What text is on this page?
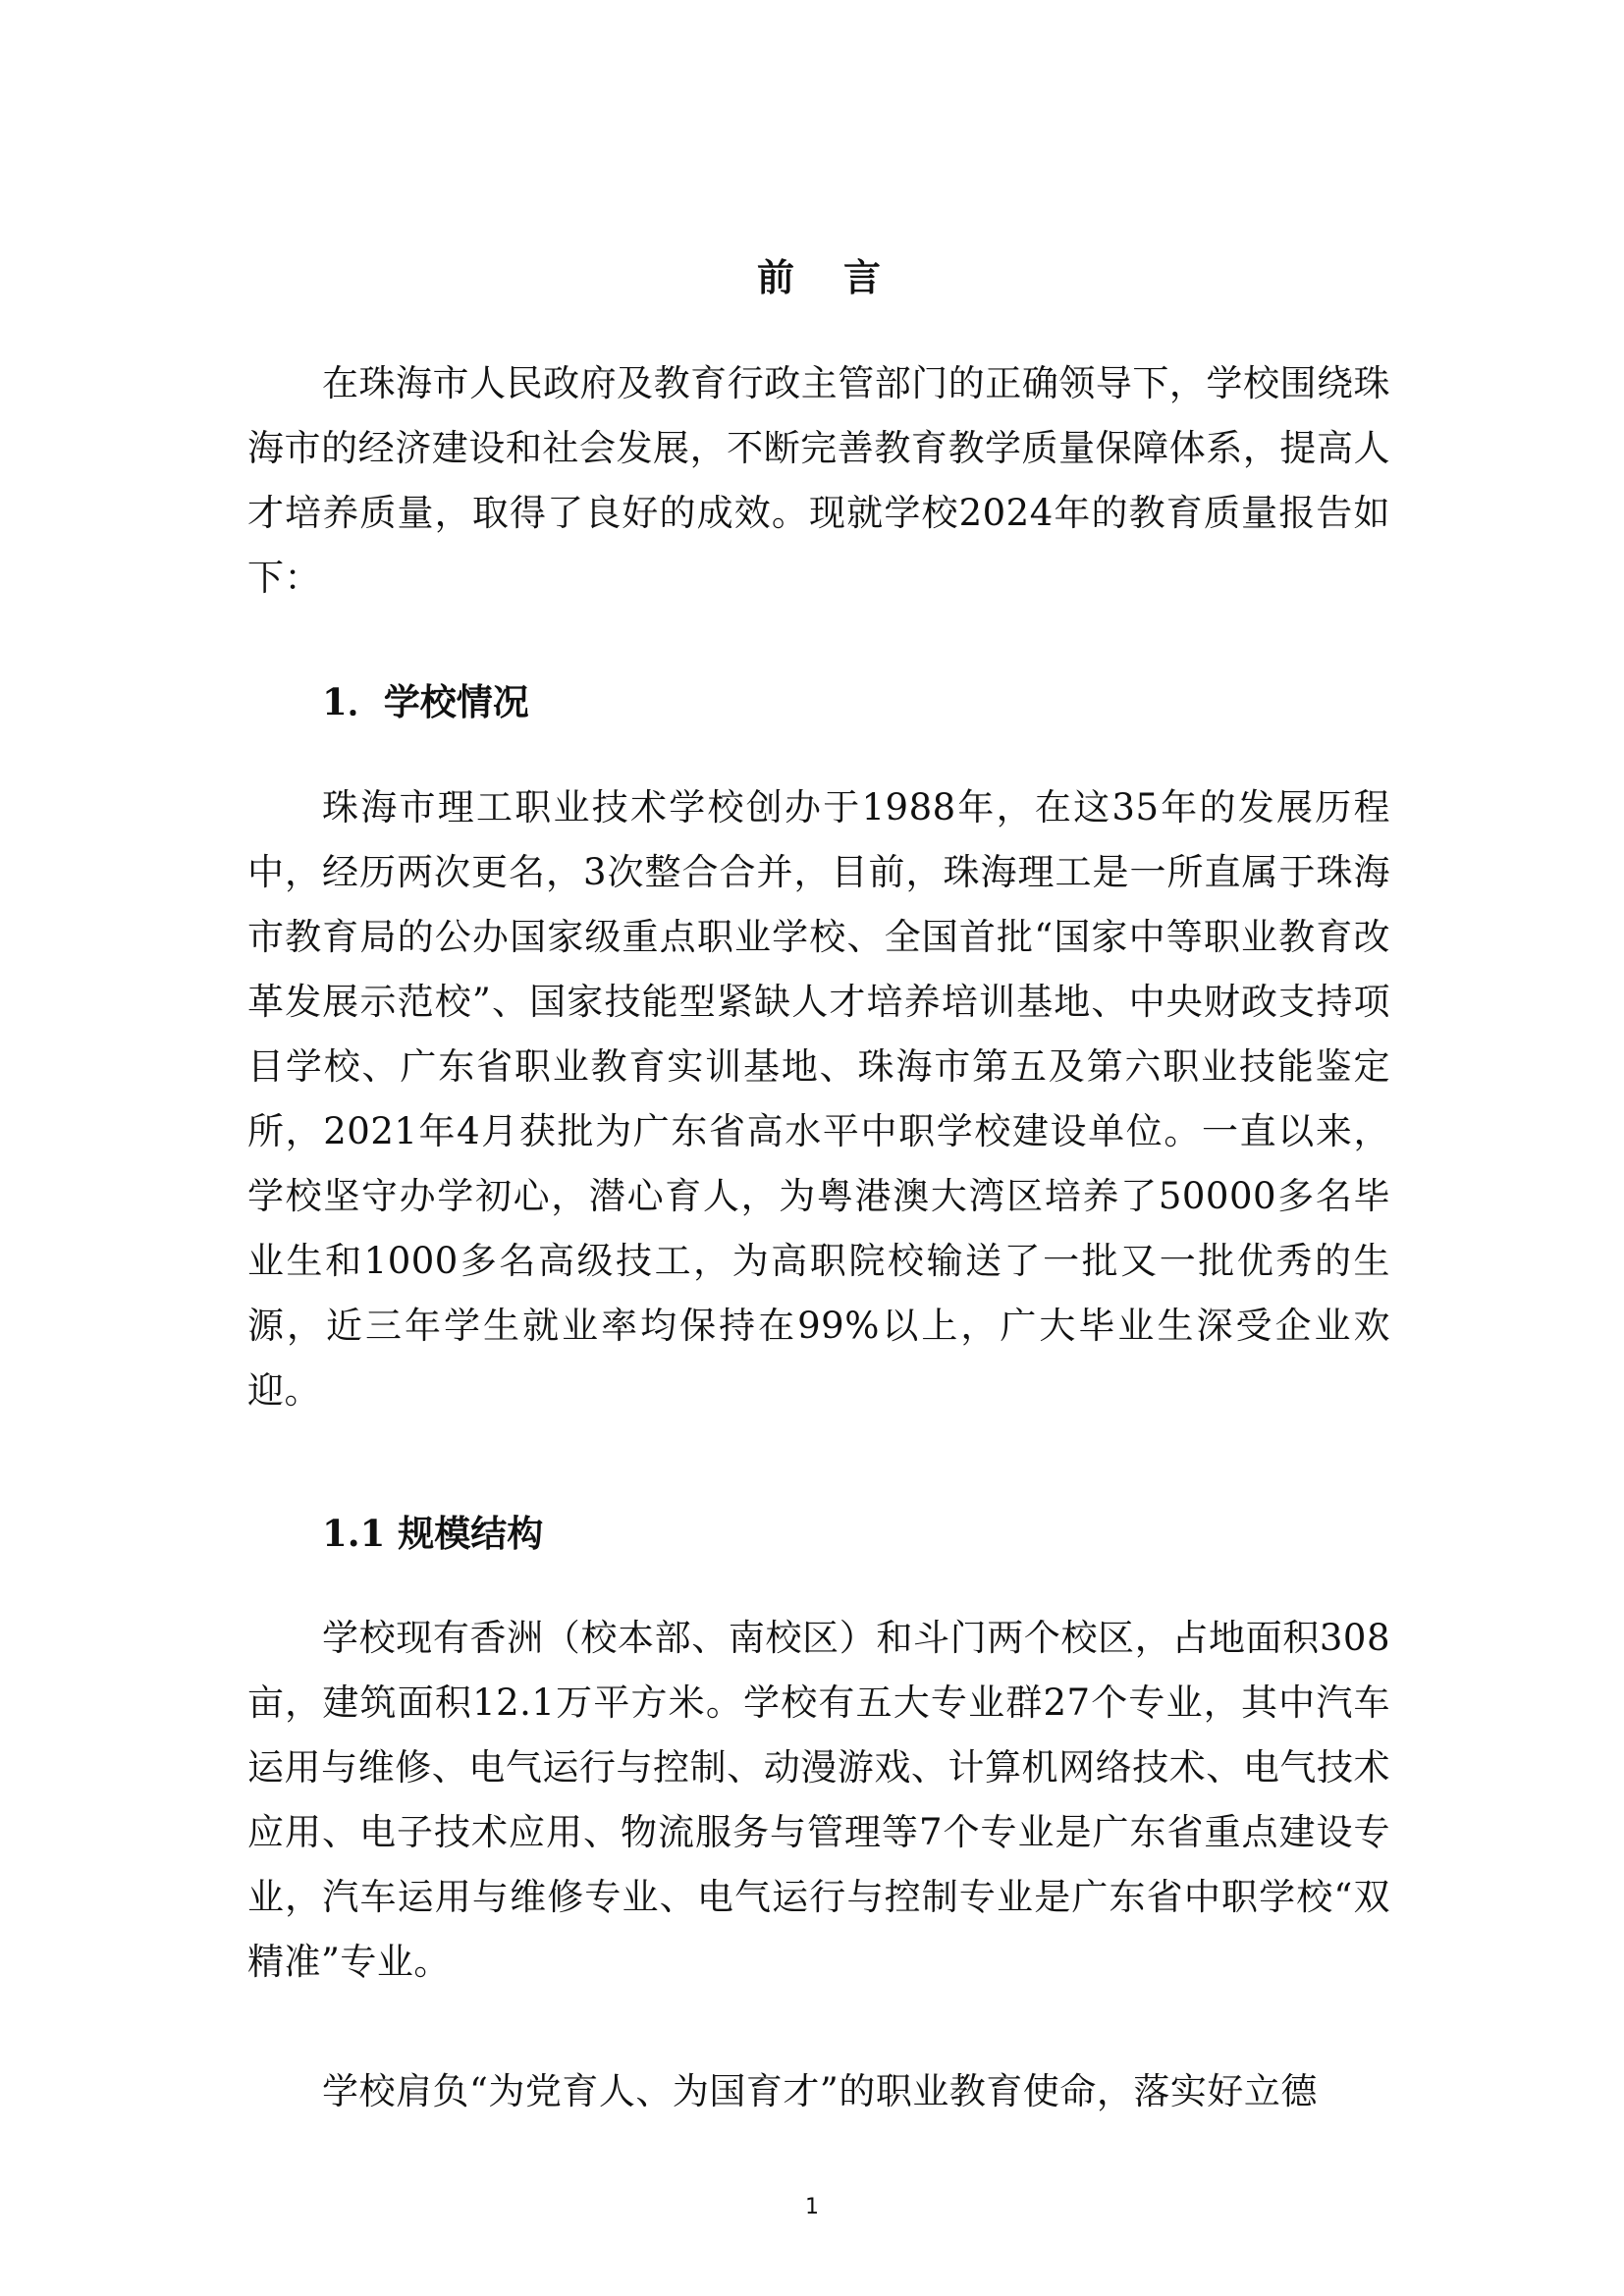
前言

在珠海市人民政府及教育行政主管部门的正确领导下，学校围绕珠海市的经济建设和社会发展，不断完善教育教学质量保障体系，提高人才培养质量，取得了良好的成效。现就学校2024年的教育质量报告如下：

1．学校情况

珠海市理工职业技术学校创办于1988年，在这35年的发展历程中，经历两次更名，3次整合合并，目前，珠海理工是一所直属于珠海市教育局的公办国家级重点职业学校、全国首批“国家中等职业教育改革发展示范校”、国家技能型紧缺人才培养培训基地、中央财政支持项目学校、广东省职业教育实训基地、珠海市第五及第六职业技能鉴定所，2021年4月获批为广东省高水平中职学校建设单位。一直以来，学校坚守办学初心，潜心育人，为粤港澳大湾区培养了50000多名毕业生和1000多名高级技工，为高职院校输送了一批又一批优秀的生源，近三年学生就业率均保持在99%以上，广大毕业生深受企业欢迎。

1.1 规模结构

学校现有香洲（校本部、南校区）和斗门两个校区，占地面积308亩，建筑面积12.1万平方米。学校有五大专业群27个专业，其中汽车运用与维修、电气运行与控制、动漫游戏、计算机网络技术、电气技术应用、电子技术应用、物流服务与管理等7个专业是广东省重点建设专业，汽车运用与维修专业、电气运行与控制专业是广东省中职学校“双精准”专业。

学校肩负“为党育人、为国育才”的职业教育使命，落实好立德

1
